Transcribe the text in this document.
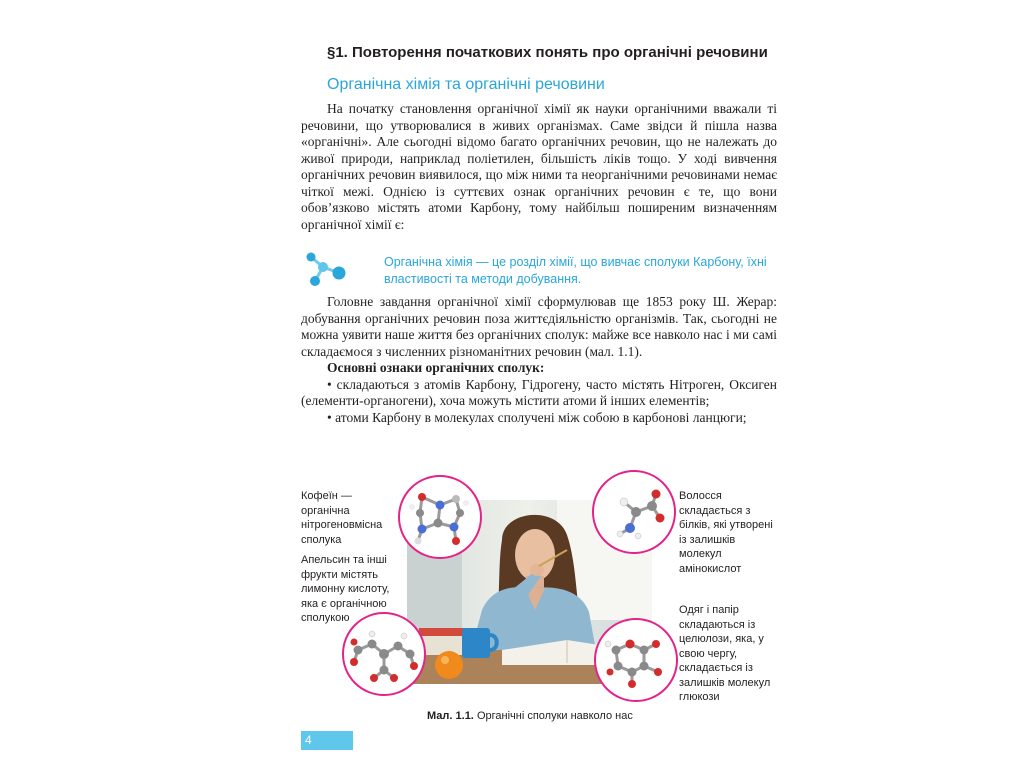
§1. Повторення початкових понять про органічні речовини
Органічна хімія та органічні речовини

На початку становлення органічної хімії як науки органічними вважали ті речовини, що утворювалися в живих організмах. Саме звідси й пішла назва «органічні». Але сьогодні відомо багато органічних речовин, що не належать до живої природи, наприклад поліетилен, більшість ліків тощо. У ході вивчення органічних речовин виявилося, що між ними та неорганічними речовинами немає чіткої межі. Однією із суттєвих ознак органічних речовин є те, що вони обов’язково містять атоми Карбону, тому найбільш поширеним визначенням органічної хімії є:

Органічна хімія — це розділ хімії, що вивчає сполуки Карбону, їхні властивості та методи добування.

Головне завдання органічної хімії сформулював ще 1853 року Ш. Жерар: добування органічних речовин поза життєдіяльністю організмів. Так, сьогодні не можна уявити наше життя без органічних сполук: майже все навколо нас і ми самі складаємося з численних різноманітних речовин (мал. 1.1).

Основні ознаки органічних сполук:

• складаються з атомів Карбону, Гідрогену, часто містять Нітроген, Оксиген (елементи-органогени), хоча можуть містити атоми й інших елементів;

• атоми Карбону в молекулах сполучені між собою в карбонові ланцюги;

Кофеїн — органічна нітрогеновмісна сполука
Апельсин та інші фрукти містять лимонну кислоту, яка є органічною сполукою
Волосся складається з білків, які утворені із залишків молекул амінокислот
Одяг і папір складаються із целюлози, яка, у свою чергу, складається із залишків молекул глюкози
Мал. 1.1. Органічні сполуки навколо нас
4
